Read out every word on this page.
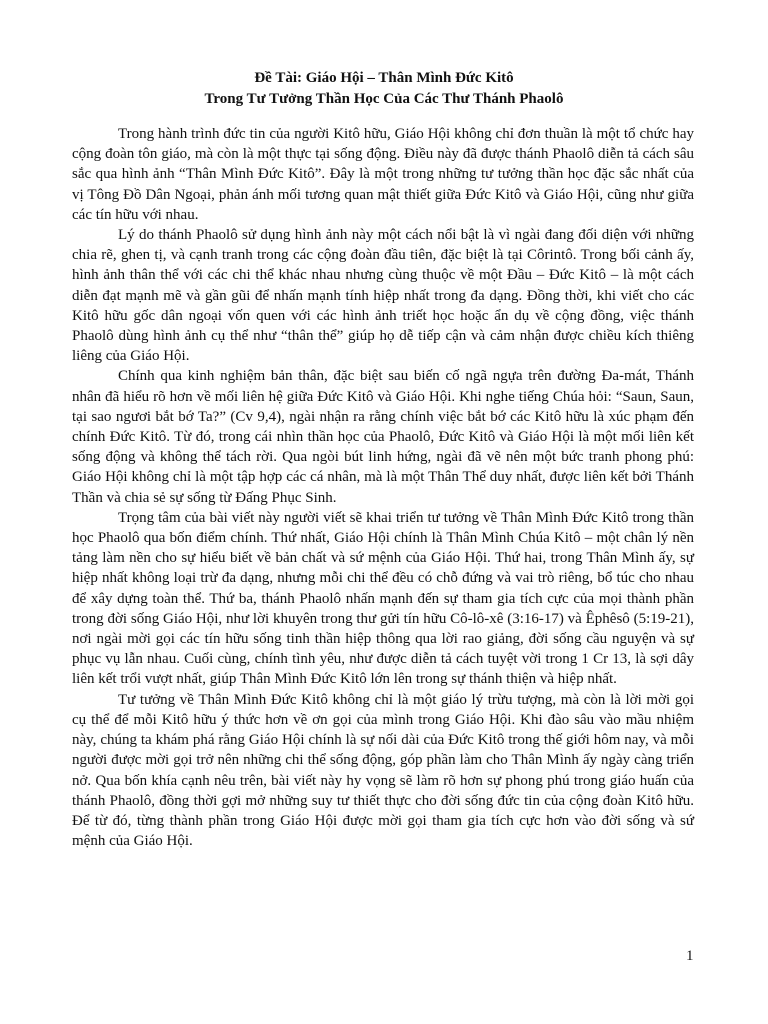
Đề Tài: Giáo Hội – Thân Mình Đức Kitô
Trong Tư Tưởng Thần Học Của Các Thư Thánh Phaolô

Trong hành trình đức tin của người Kitô hữu, Giáo Hội không chỉ đơn thuần là một tổ chức hay cộng đoàn tôn giáo, mà còn là một thực tại sống động. Điều này đã được thánh Phaolô diễn tả cách sâu sắc qua hình ảnh “Thân Mình Đức Kitô”. Đây là một trong những tư tưởng thần học đặc sắc nhất của vị Tông Đồ Dân Ngoại, phản ánh mối tương quan mật thiết giữa Đức Kitô và Giáo Hội, cũng như giữa các tín hữu với nhau.

Lý do thánh Phaolô sử dụng hình ảnh này một cách nổi bật là vì ngài đang đối diện với những chia rẽ, ghen tị, và cạnh tranh trong các cộng đoàn đầu tiên, đặc biệt là tại Côrintô. Trong bối cảnh ấy, hình ảnh thân thể với các chi thể khác nhau nhưng cùng thuộc về một Đầu – Đức Kitô – là một cách diễn đạt mạnh mẽ và gần gũi để nhấn mạnh tính hiệp nhất trong đa dạng. Đồng thời, khi viết cho các Kitô hữu gốc dân ngoại vốn quen với các hình ảnh triết học hoặc ẩn dụ về cộng đồng, việc thánh Phaolô dùng hình ảnh cụ thể như “thân thể” giúp họ dễ tiếp cận và cảm nhận được chiều kích thiêng liêng của Giáo Hội.

Chính qua kinh nghiệm bản thân, đặc biệt sau biến cố ngã ngựa trên đường Đa-mát, Thánh nhân đã hiểu rõ hơn về mối liên hệ giữa Đức Kitô và Giáo Hội. Khi nghe tiếng Chúa hỏi: “Saun, Saun, tại sao ngươi bắt bớ Ta?” (Cv 9,4), ngài nhận ra rằng chính việc bắt bớ các Kitô hữu là xúc phạm đến chính Đức Kitô. Từ đó, trong cái nhìn thần học của Phaolô, Đức Kitô và Giáo Hội là một mối liên kết sống động và không thể tách rời. Qua ngòi bút linh hứng, ngài đã vẽ nên một bức tranh phong phú: Giáo Hội không chỉ là một tập hợp các cá nhân, mà là một Thân Thể duy nhất, được liên kết bởi Thánh Thần và chia sẻ sự sống từ Đấng Phục Sinh.

Trọng tâm của bài viết này người viết sẽ khai triển tư tưởng về Thân Mình Đức Kitô trong thần học Phaolô qua bốn điểm chính. Thứ nhất, Giáo Hội chính là Thân Mình Chúa Kitô – một chân lý nền tảng làm nền cho sự hiểu biết về bản chất và sứ mệnh của Giáo Hội. Thứ hai, trong Thân Mình ấy, sự hiệp nhất không loại trừ đa dạng, nhưng mỗi chi thể đều có chỗ đứng và vai trò riêng, bổ túc cho nhau để xây dựng toàn thể. Thứ ba, thánh Phaolô nhấn mạnh đến sự tham gia tích cực của mọi thành phần trong đời sống Giáo Hội, như lời khuyên trong thư gửi tín hữu Cô-lô-xê (3:16-17) và Êphêsô (5:19-21), nơi ngài mời gọi các tín hữu sống tinh thần hiệp thông qua lời rao giảng, đời sống cầu nguyện và sự phục vụ lẫn nhau. Cuối cùng, chính tình yêu, như được diễn tả cách tuyệt vời trong 1 Cr 13, là sợi dây liên kết trổi vượt nhất, giúp Thân Mình Đức Kitô lớn lên trong sự thánh thiện và hiệp nhất.

Tư tưởng về Thân Mình Đức Kitô không chỉ là một giáo lý trừu tượng, mà còn là lời mời gọi cụ thể để mỗi Kitô hữu ý thức hơn về ơn gọi của mình trong Giáo Hội. Khi đào sâu vào mầu nhiệm này, chúng ta khám phá rằng Giáo Hội chính là sự nối dài của Đức Kitô trong thế giới hôm nay, và mỗi người được mời gọi trở nên những chi thể sống động, góp phần làm cho Thân Mình ấy ngày càng triển nở. Qua bốn khía cạnh nêu trên, bài viết này hy vọng sẽ làm rõ hơn sự phong phú trong giáo huấn của thánh Phaolô, đồng thời gợi mở những suy tư thiết thực cho đời sống đức tin của cộng đoàn Kitô hữu. Để từ đó, từng thành phần trong Giáo Hội được mời gọi tham gia tích cực hơn vào đời sống và sứ mệnh của Giáo Hội.

1
